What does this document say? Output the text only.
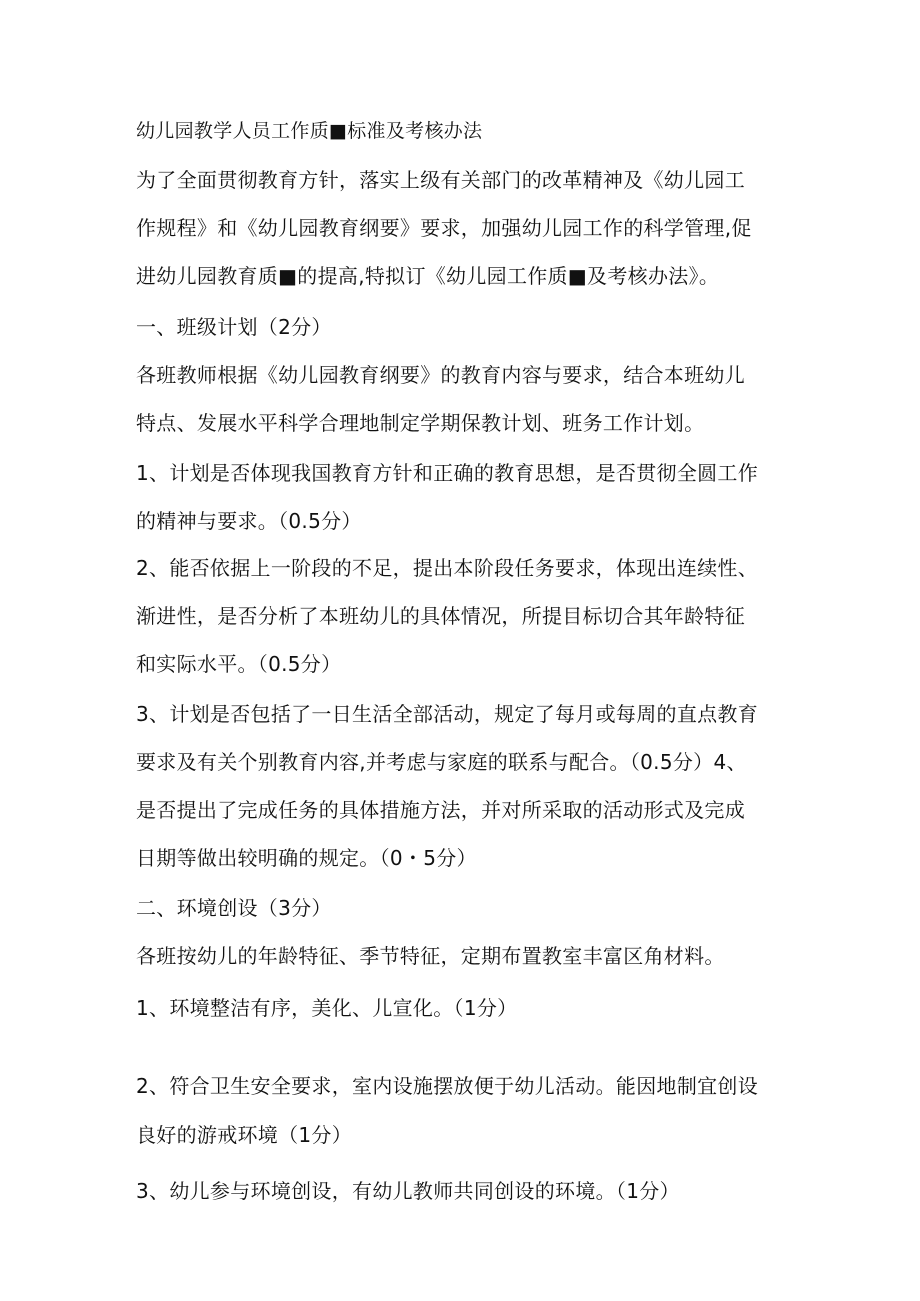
幼儿园教学人员工作质■标准及考核办法
为了全面贯彻教育方针，落实上级有关部门的改革精神及《幼儿园工
作规程》和《幼儿园教育纲要》要求，加强幼儿园工作的科学管理,促
进幼儿园教育质■的提高,特拟订《幼儿园工作质■及考核办法》。
一、班级计划（2分）
各班教师根据《幼儿园教育纲要》的教育内容与要求，结合本班幼儿
特点、发展水平科学合理地制定学期保教计划、班务工作计划。
1、计划是否体现我国教育方针和正确的教育思想，是否贯彻全圆工作
的精神与要求。（0.5分）
2、能否依据上一阶段的不足，提出本阶段任务要求，体现出连续性、
渐进性，是否分析了本班幼儿的具体情况，所提目标切合其年龄特征
和实际水平。（0.5分）
3、计划是否包括了一日生活全部活动，规定了每月或每周的直点教育
要求及有关个别教育内容,并考虑与家庭的联系与配合。（0.5分）4、
是否提出了完成任务的具体措施方法，并对所采取的活动形式及完成
日期等做出较明确的规定。（0・5分）
二、环境创设（3分）
各班按幼儿的年龄特征、季节特征，定期布置教室丰富区角材料。
1、环境整洁有序，美化、儿宣化。（1分）
2、符合卫生安全要求，室内设施摆放便于幼儿活动。能因地制宜创设
良好的游戒环境（1分）
3、幼儿参与环境创设，有幼儿教师共同创设的环境。（1分）
